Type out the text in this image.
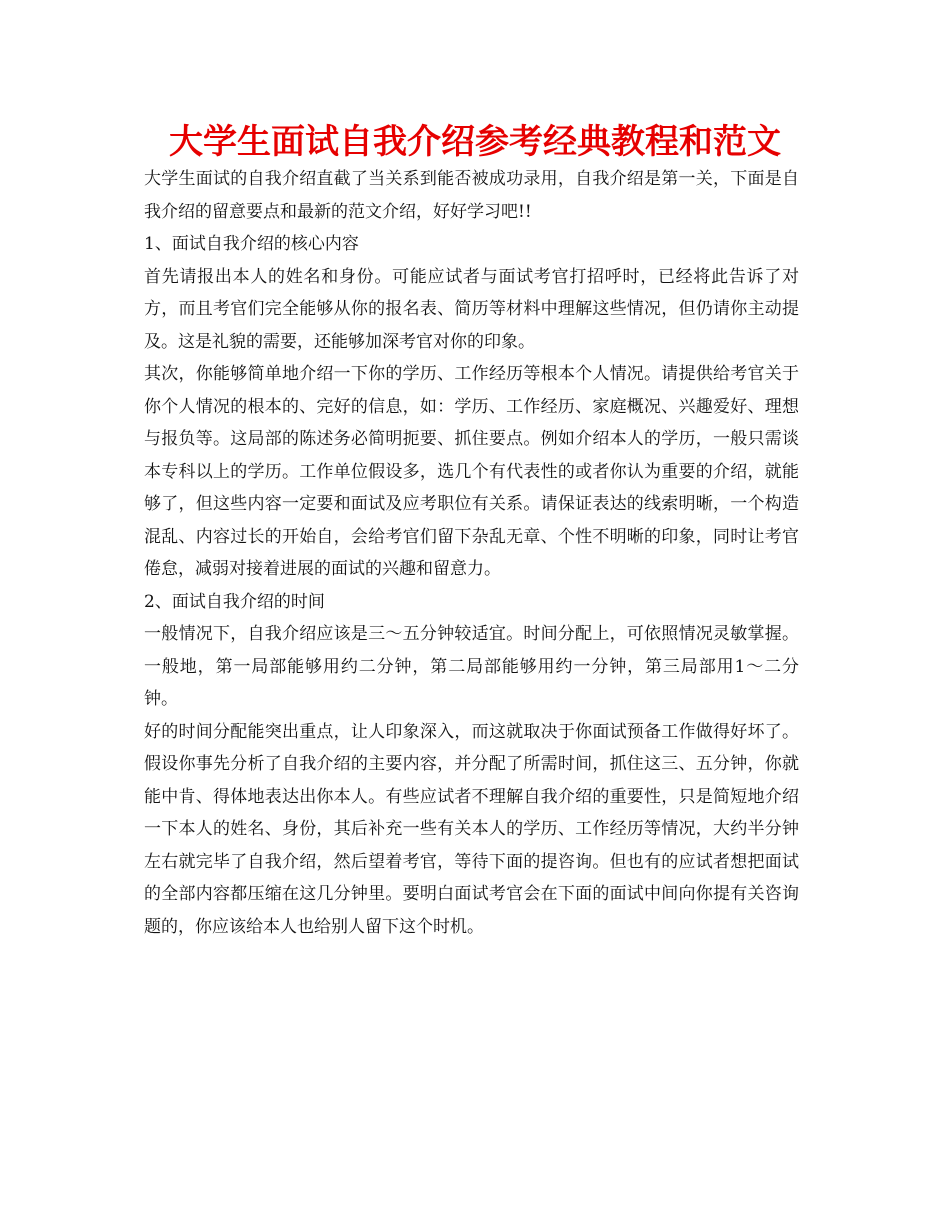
大学生面试自我介绍参考经典教程和范文

大学生面试的自我介绍直截了当关系到能否被成功录用，自我介绍是第一关，下面是自我介绍的留意要点和最新的范文介绍，好好学习吧!!

1、面试自我介绍的核心内容

首先请报出本人的姓名和身份。可能应试者与面试考官打招呼时，已经将此告诉了对方，而且考官们完全能够从你的报名表、简历等材料中理解这些情况，但仍请你主动提及。这是礼貌的需要，还能够加深考官对你的印象。

其次，你能够简单地介绍一下你的学历、工作经历等根本个人情况。请提供给考官关于你个人情况的根本的、完好的信息，如：学历、工作经历、家庭概况、兴趣爱好、理想与报负等。这局部的陈述务必简明扼要、抓住要点。例如介绍本人的学历，一般只需谈本专科以上的学历。工作单位假设多，选几个有代表性的或者你认为重要的介绍，就能够了，但这些内容一定要和面试及应考职位有关系。请保证表达的线索明晰，一个构造混乱、内容过长的开始自，会给考官们留下杂乱无章、个性不明晰的印象，同时让考官倦怠，减弱对接着进展的面试的兴趣和留意力。

2、面试自我介绍的时间

一般情况下，自我介绍应该是三～五分钟较适宜。时间分配上，可依照情况灵敏掌握。一般地，第一局部能够用约二分钟，第二局部能够用约一分钟，第三局部用1～二分钟。

好的时间分配能突出重点，让人印象深入，而这就取决于你面试预备工作做得好坏了。假设你事先分析了自我介绍的主要内容，并分配了所需时间，抓住这三、五分钟，你就能中肯、得体地表达出你本人。有些应试者不理解自我介绍的重要性，只是简短地介绍一下本人的姓名、身份，其后补充一些有关本人的学历、工作经历等情况，大约半分钟左右就完毕了自我介绍，然后望着考官，等待下面的提咨询。但也有的应试者想把面试的全部内容都压缩在这几分钟里。要明白面试考官会在下面的面试中间向你提有关咨询题的，你应该给本人也给别人留下这个时机。
